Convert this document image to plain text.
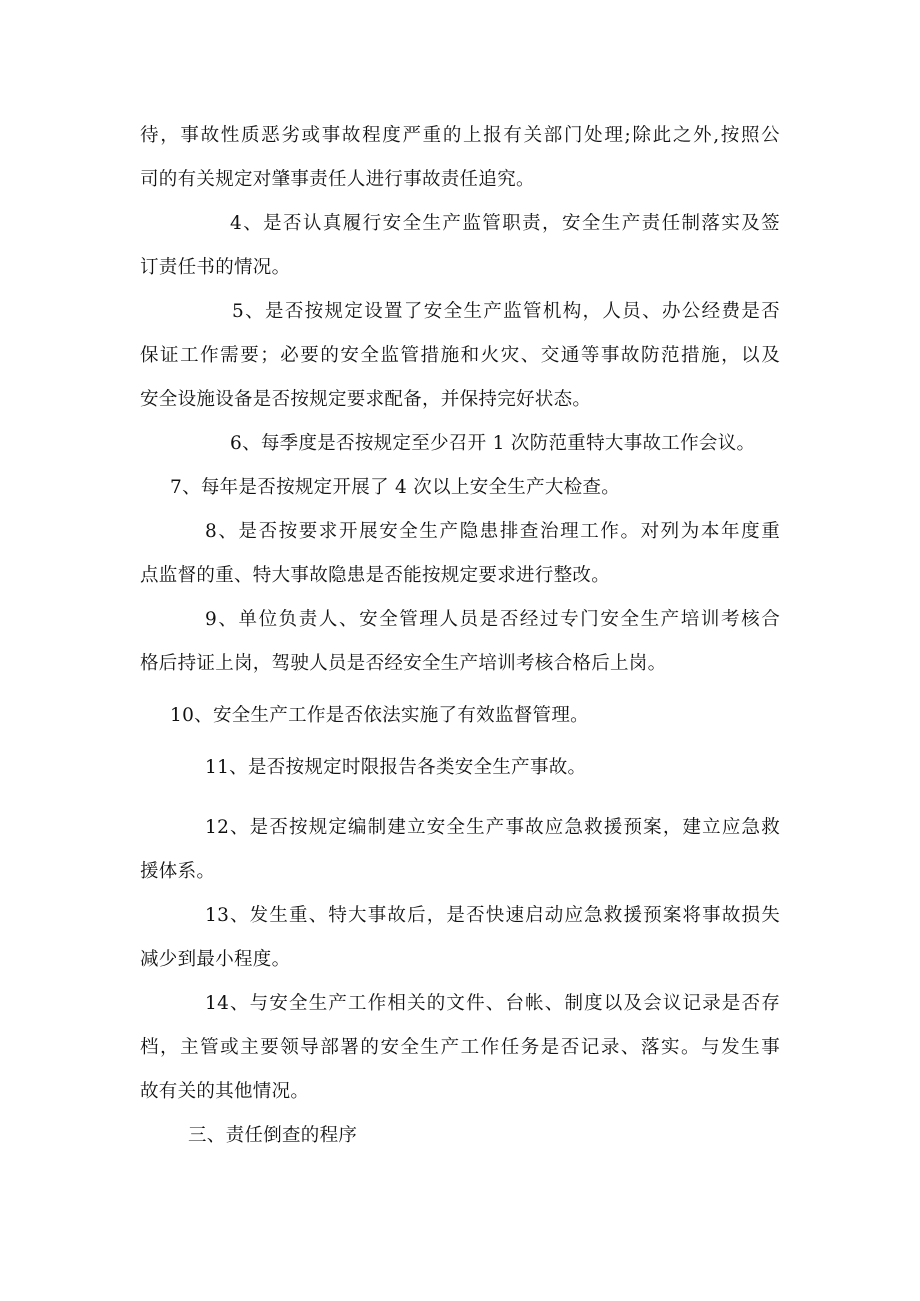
待，事故性质恶劣或事故程度严重的上报有关部门处理;除此之外,按照公
司的有关规定对肇事责任人进行事故责任追究。
4、是否认真履行安全生产监管职责，安全生产责任制落实及签
订责任书的情况。
5、是否按规定设置了安全生产监管机构，人员、办公经费是否
保证工作需要；必要的安全监管措施和火灾、交通等事故防范措施，以及
安全设施设备是否按规定要求配备，并保持完好状态。
6、每季度是否按规定至少召开 1 次防范重特大事故工作会议。
7、每年是否按规定开展了 4 次以上安全生产大检查。
8、是否按要求开展安全生产隐患排查治理工作。对列为本年度重
点监督的重、特大事故隐患是否能按规定要求进行整改。
9、单位负责人、安全管理人员是否经过专门安全生产培训考核合
格后持证上岗，驾驶人员是否经安全生产培训考核合格后上岗。
10、安全生产工作是否依法实施了有效监督管理。
11、是否按规定时限报告各类安全生产事故。
12、是否按规定编制建立安全生产事故应急救援预案，建立应急救
援体系。
13、发生重、特大事故后，是否快速启动应急救援预案将事故损失
减少到最小程度。
14、与安全生产工作相关的文件、台帐、制度以及会议记录是否存
档，主管或主要领导部署的安全生产工作任务是否记录、落实。与发生事
故有关的其他情况。
三、责任倒查的程序
